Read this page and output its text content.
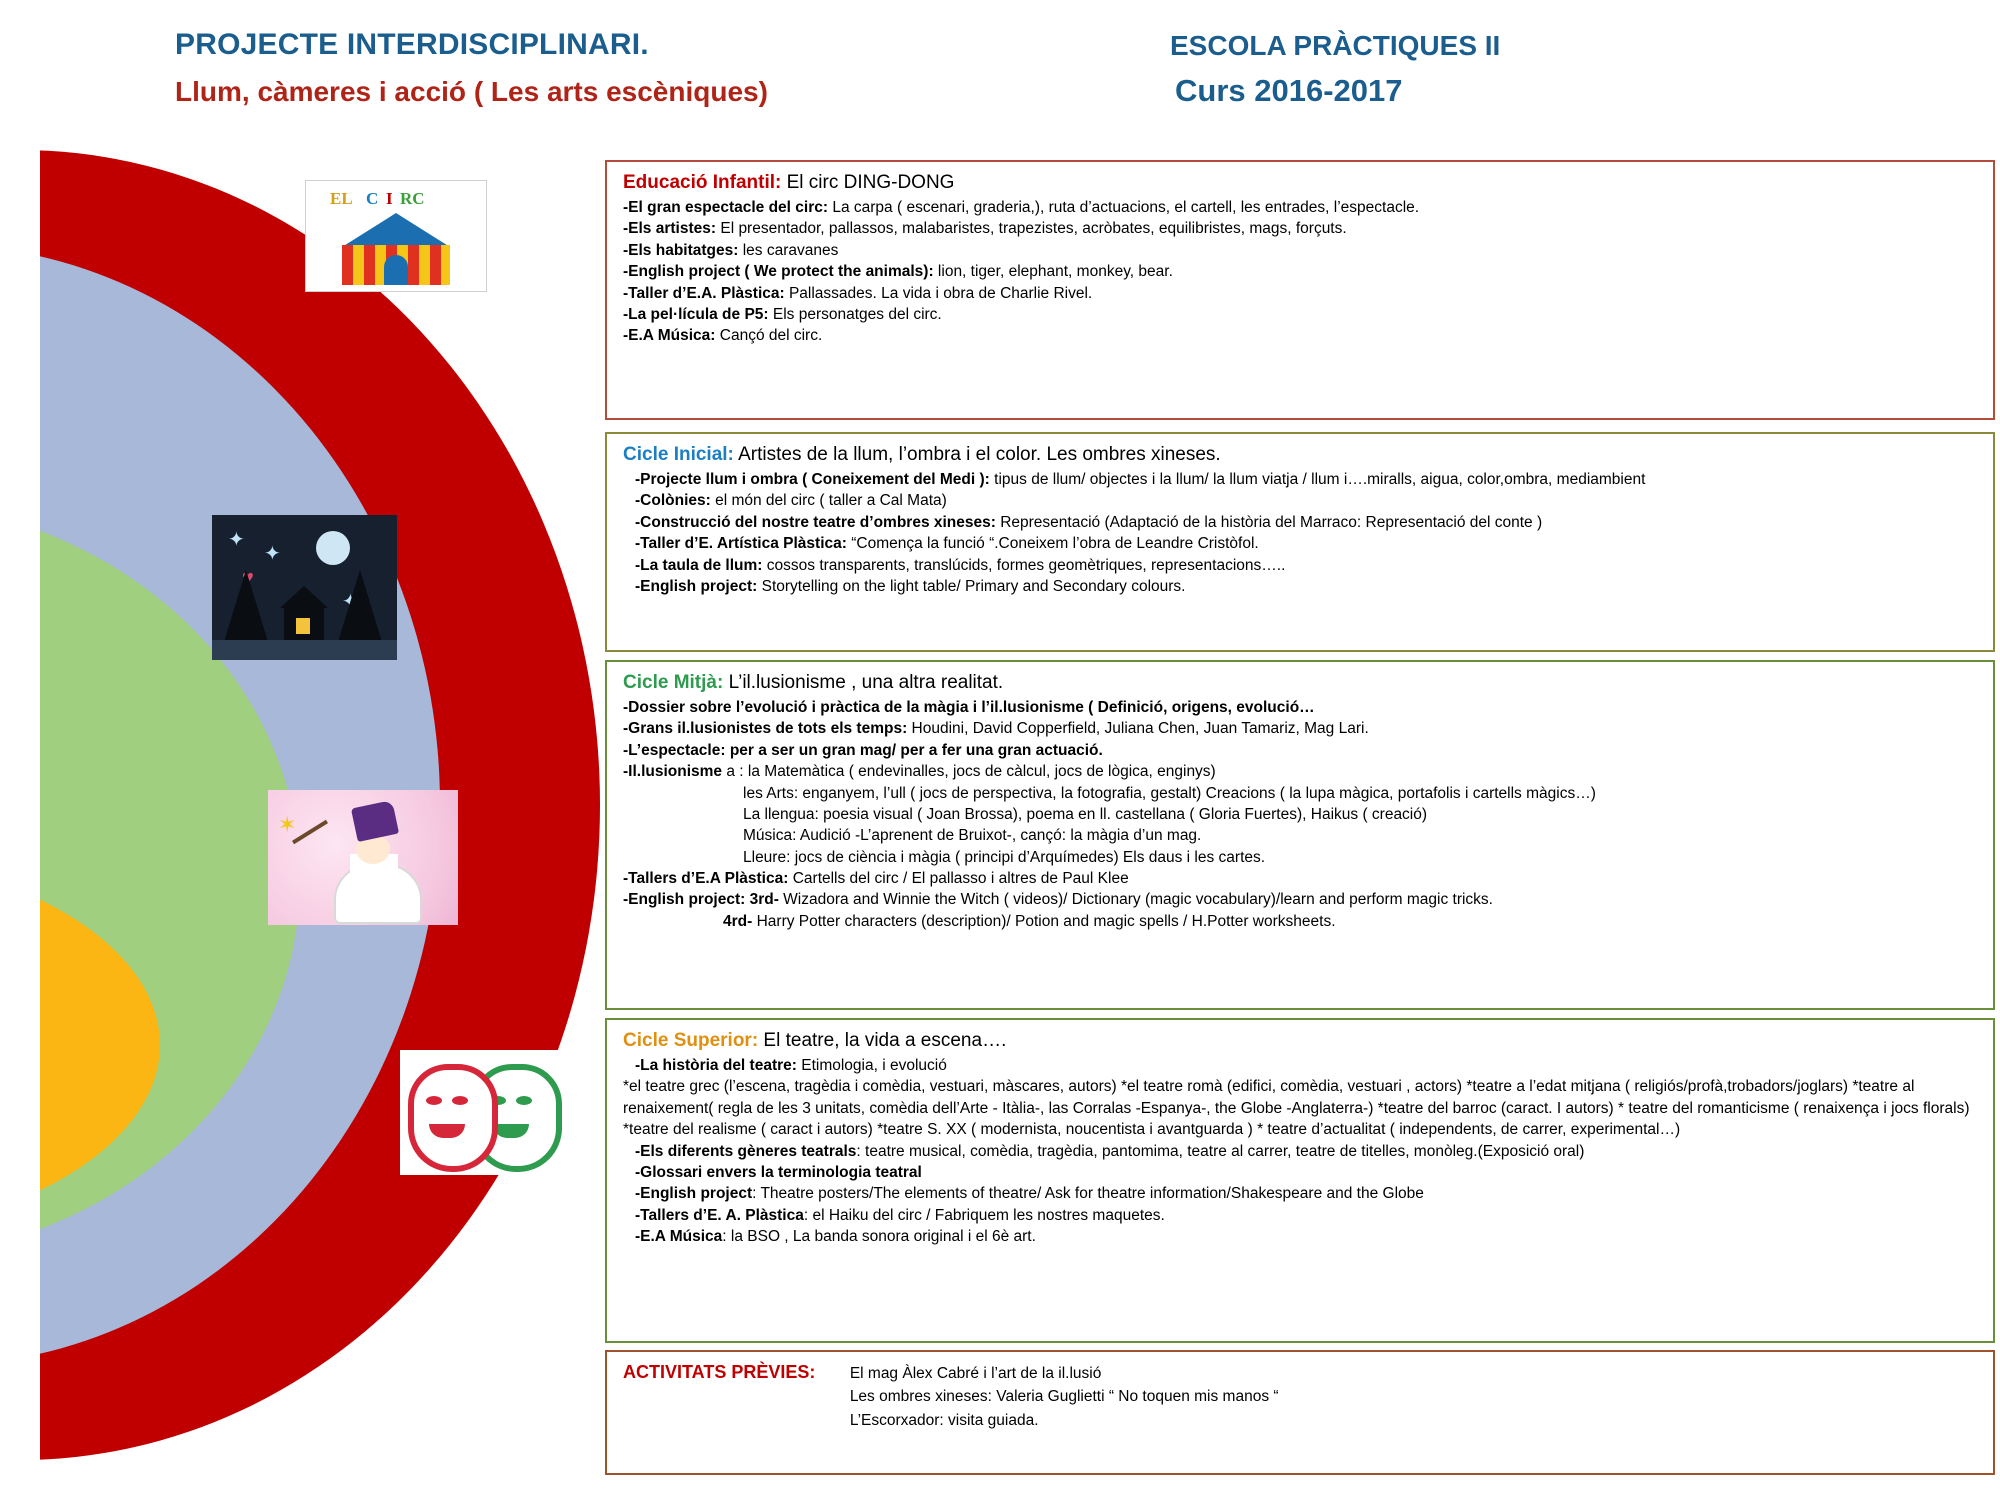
PROJECTE INTERDISCIPLINARI.
Llum, càmeres i acció ( Les arts escèniques)
ESCOLA PRÀCTIQUES II
Curs 2016-2017
EL C I RC
✦
✦
♥
✦
✶
Educació Infantil: El circ DING-DONG

-El gran espectacle del circ: La carpa ( escenari, graderia,), ruta d’actuacions, el cartell, les entrades, l’espectacle.

-Els artistes: El presentador, pallassos, malabaristes, trapezistes, acròbates, equilibristes, mags, forçuts.

-Els habitatges: les caravanes

-English project ( We protect the animals): lion, tiger, elephant, monkey, bear.

-Taller d’E.A. Plàstica: Pallassades. La vida i obra de Charlie Rivel.

-La pel·lícula de P5: Els personatges del circ.

-E.A Música: Cançó del circ.

Cicle Inicial: Artistes de la llum, l’ombra i el color. Les ombres xineses.

-Projecte llum i ombra ( Coneixement del Medi ): tipus de llum/ objectes i la llum/ la llum viatja / llum i….miralls, aigua, color,ombra, mediambient

-Colònies: el món del circ ( taller a Cal Mata)

-Construcció del nostre teatre d’ombres xineses: Representació (Adaptació de la història del Marraco: Representació del conte )

-Taller d’E. Artística Plàstica: “Comença la funció “.Coneixem l’obra de Leandre Cristòfol.

-La taula de llum: cossos transparents, translúcids, formes geomètriques, representacions…..

-English project: Storytelling on the light table/ Primary and Secondary colours.

Cicle Mitjà: L’il.lusionisme , una altra realitat.

-Dossier sobre l’evolució i pràctica de la màgia i l’il.lusionisme ( Definició, origens, evolució…

-Grans il.lusionistes de tots els temps: Houdini, David Copperfield, Juliana Chen, Juan Tamariz, Mag Lari.

-L’espectacle: per a ser un gran mag/ per a fer una gran actuació.

-Il.lusionisme a : la Matemàtica ( endevinalles, jocs de càlcul, jocs de lògica, enginys)

les Arts: enganyem, l’ull ( jocs de perspectiva, la fotografia, gestalt) Creacions ( la lupa màgica, portafolis i cartells màgics…)

La llengua: poesia visual ( Joan Brossa), poema en ll. castellana ( Gloria Fuertes), Haikus ( creació)

Música: Audició -L’aprenent de Bruixot-, cançó: la màgia d’un mag.

Lleure: jocs de ciència i màgia ( principi d’Arquímedes) Els daus i les cartes.

-Tallers d’E.A Plàstica: Cartells del circ / El pallasso i altres de Paul Klee

-English project: 3rd- Wizadora and Winnie the Witch ( videos)/ Dictionary (magic vocabulary)/learn and perform magic tricks.

4rd- Harry Potter characters (description)/ Potion and magic spells / H.Potter worksheets.

Cicle Superior: El teatre, la vida a escena….

-La història del teatre: Etimologia, i evolució

*el teatre grec (l’escena, tragèdia i comèdia, vestuari, màscares, autors) *el teatre romà (edifici, comèdia, vestuari , actors) *teatre a l’edat mitjana ( religiós/profà,trobadors/joglars) *teatre al renaixement( regla de les 3 unitats, comèdia dell’Arte - Itàlia-, las Corralas -Espanya-, the Globe -Anglaterra-) *teatre del barroc (caract. I autors) * teatre del romanticisme ( renaixença i jocs florals) *teatre del realisme ( caract i autors) *teatre S. XX ( modernista, noucentista i avantguarda ) * teatre d’actualitat ( independents, de carrer, experimental…)

-Els diferents gèneres teatrals: teatre musical, comèdia, tragèdia, pantomima, teatre al carrer, teatre de titelles, monòleg.(Exposició oral)

-Glossari envers la terminologia teatral

-English project: Theatre posters/The elements of theatre/ Ask for theatre information/Shakespeare and the Globe

-Tallers d’E. A. Plàstica: el Haiku del circ / Fabriquem les nostres maquetes.

-E.A Música: la BSO , La banda sonora original i el 6è art.

ACTIVITATS PRÈVIES: El mag Àlex Cabré i l’art de la il.lusió

Les ombres xineses: Valeria Guglietti “ No toquen mis manos “

L’Escorxador: visita guiada.
